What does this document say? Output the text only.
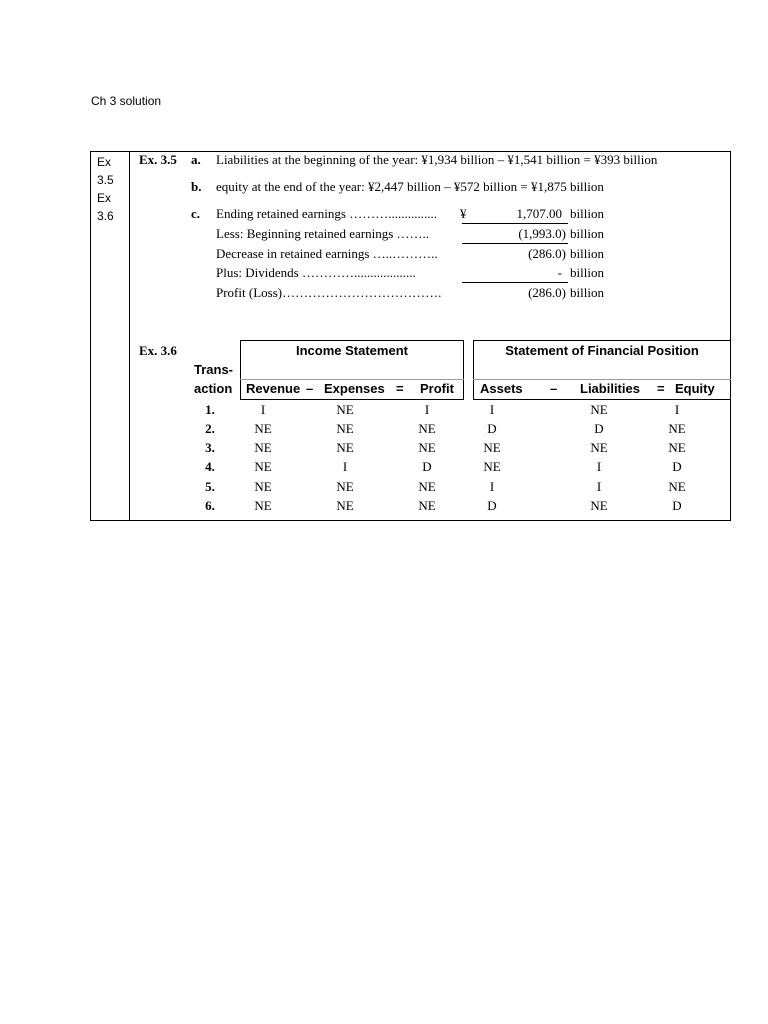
Ch 3 solution
Ex
3.5
Ex
3.6
Ex. 3.5 a. Liabilities at the beginning of the year: ¥1,934 billion – ¥1,541 billion = ¥393 billion
b. equity at the end of the year: ¥2,447 billion – ¥572 billion = ¥1,875 billion
c.	¥
Ending retained earnings ………...............	1,707.00 billion
Less: Beginning retained earnings ……..	(1,993.0) billion
Decrease in retained earnings …..………..	(286.0) billion
Plus: Dividends …………...................	- billion
Profit (Loss)……………………………….	(286.0) billion
Ex. 3.6	Income Statement	Statement of Financial Position
Trans-
action Revenue – Expenses = Profit Assets – Liabilities = Equity
1.	I	NE	I	I	NE	I
2.	NE	NE	NE	D	D	NE
3.	NE	NE	NE	NE	NE	NE
4.	NE	I	D	NE	I	D
5.	NE	NE	NE	I	I	NE
6.	NE	NE	NE	D	NE	D
